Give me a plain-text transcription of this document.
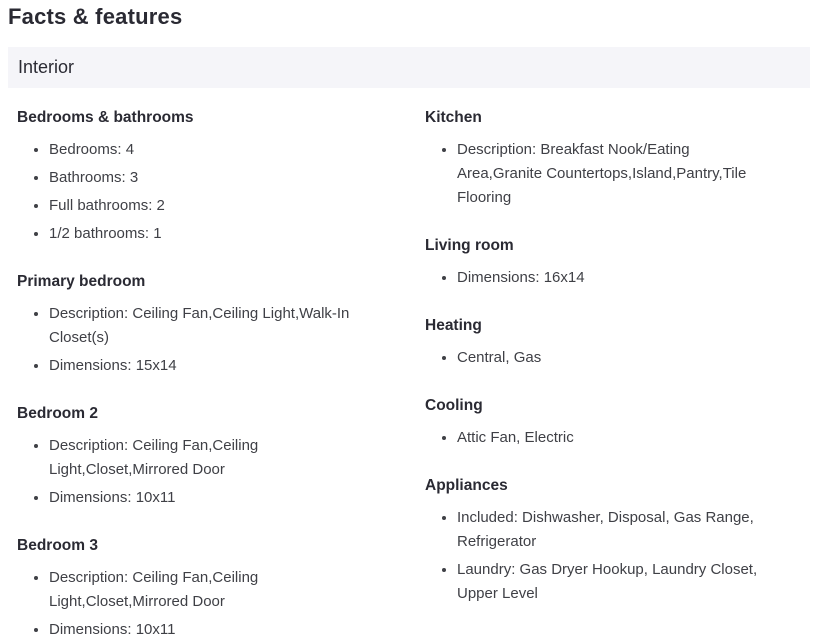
Facts & features
Interior
Bedrooms & bathrooms
• Bedrooms: 4
• Bathrooms: 3
• Full bathrooms: 2
• 1/2 bathrooms: 1
Primary bedroom
• Description: Ceiling Fan,Ceiling Light,Walk-In Closet(s)
• Dimensions: 15x14
Bedroom 2
• Description: Ceiling Fan,Ceiling Light,Closet,Mirrored Door
• Dimensions: 10x11
Bedroom 3
• Description: Ceiling Fan,Ceiling Light,Closet,Mirrored Door
• Dimensions: 10x11
Kitchen
• Description: Breakfast Nook/Eating Area,Granite Countertops,Island,Pantry,Tile Flooring
Living room
• Dimensions: 16x14
Heating
• Central, Gas
Cooling
• Attic Fan, Electric
Appliances
• Included: Dishwasher, Disposal, Gas Range, Refrigerator
• Laundry: Gas Dryer Hookup, Laundry Closet, Upper Level
